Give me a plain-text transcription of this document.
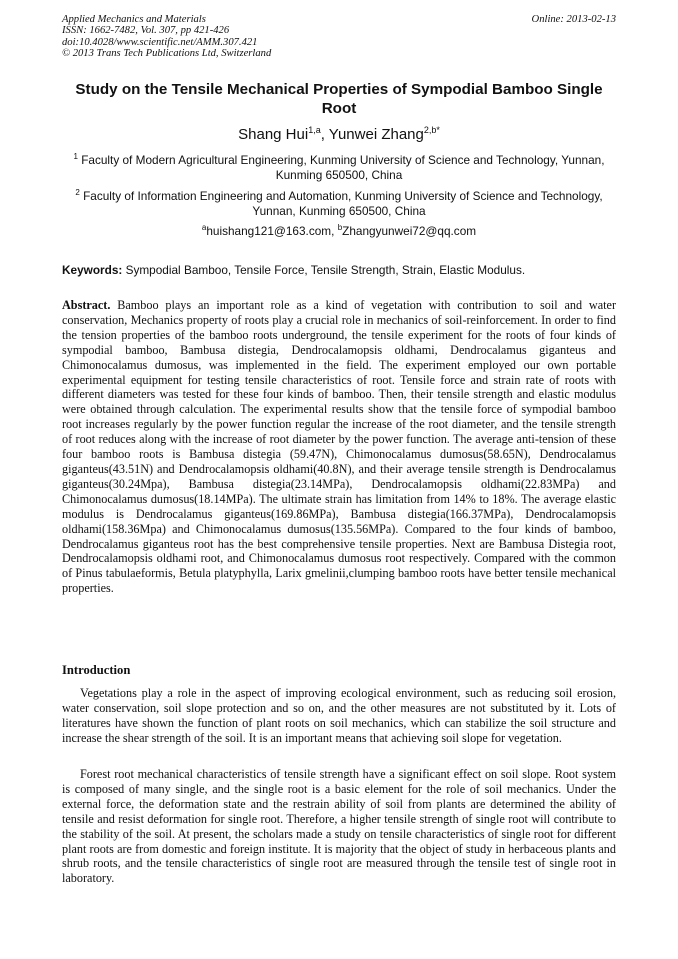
Applied Mechanics and Materials
ISSN: 1662-7482, Vol. 307, pp 421-426
doi:10.4028/www.scientific.net/AMM.307.421
© 2013 Trans Tech Publications Ltd, Switzerland
Online: 2013-02-13
Study on the Tensile Mechanical Properties of Sympodial Bamboo Single Root
Shang Hui$^{1,a}$, Yunwei Zhang$^{2,b*}$
$^1$ Faculty of Modern Agricultural Engineering, Kunming University of Science and Technology, Yunnan, Kunming 650500, China
$^2$ Faculty of Information Engineering and Automation, Kunming University of Science and Technology, Yunnan, Kunming 650500, China
$^a$huishang121@163.com, $^b$Zhangyunwei72@qq.com
Keywords: Sympodial Bamboo, Tensile Force, Tensile Strength, Strain, Elastic Modulus.
Abstract. Bamboo plays an important role as a kind of vegetation with contribution to soil and water conservation, Mechanics property of roots play a crucial role in mechanics of soil-reinforcement. In order to find the tension properties of the bamboo roots underground, the tensile experiment for the roots of four kinds of sympodial bamboo, Bambusa distegia, Dendrocalamopsis oldhami, Dendrocalamus giganteus and Chimonocalamus dumosus, was implemented in the field. The experiment employed our own portable experimental equipment for testing tensile characteristics of root. Tensile force and strain rate of roots with different diameters was tested for these four kinds of bamboo. Then, their tensile strength and elastic modulus were obtained through calculation. The experimental results show that the tensile force of sympodial bamboo root increases regularly by the power function regular the increase of the root diameter, and the tensile strength of root reduces along with the increase of root diameter by the power function. The average anti-tension of these four bamboo roots is Bambusa distegia (59.47N), Chimonocalamus dumosus(58.65N), Dendrocalamus giganteus(43.51N) and Dendrocalamopsis oldhami(40.8N), and their average tensile strength is Dendrocalamus giganteus(30.24Mpa), Bambusa distegia(23.14MPa), Dendrocalamopsis oldhami(22.83MPa) and Chimonocalamus dumosus(18.14MPa). The ultimate strain has limitation from 14% to 18%. The average elastic modulus is Dendrocalamus giganteus(169.86MPa), Bambusa distegia(166.37MPa), Dendrocalamopsis oldhami(158.36Mpa) and Chimonocalamus dumosus(135.56MPa). Compared to the four kinds of bamboo, Dendrocalamus giganteus root has the best comprehensive tensile properties. Next are Bambusa Distegia root, Dendrocalamopsis oldhami root, and Chimonocalamus dumosus root respectively. Compared with the common of Pinus tabulaeformis, Betula platyphylla, Larix gmelinii,clumping bamboo roots have better tensile mechanical properties.
Introduction
Vegetations play a role in the aspect of improving ecological environment, such as reducing soil erosion, water conservation, soil slope protection and so on, and the other measures are not substituted by it. Lots of literatures have shown the function of plant roots on soil mechanics, which can stabilize the soil structure and increase the shear strength of the soil. It is an important means that achieving soil slope for vegetation.
Forest root mechanical characteristics of tensile strength have a significant effect on soil slope. Root system is composed of many single, and the single root is a basic element for the role of soil mechanics. Under the external force, the deformation state and the restrain ability of soil from plants are determined the ability of tensile and resist deformation for single root. Therefore, a higher tensile strength of single root will contribute to the stability of the soil. At present, the scholars made a study on tensile characteristics of single root for different plant roots are from domestic and foreign institute. It is majority that the object of study in herbaceous plants and shrub roots, and the tensile characteristics of single root are measured through the tensile test of single root in laboratory.
